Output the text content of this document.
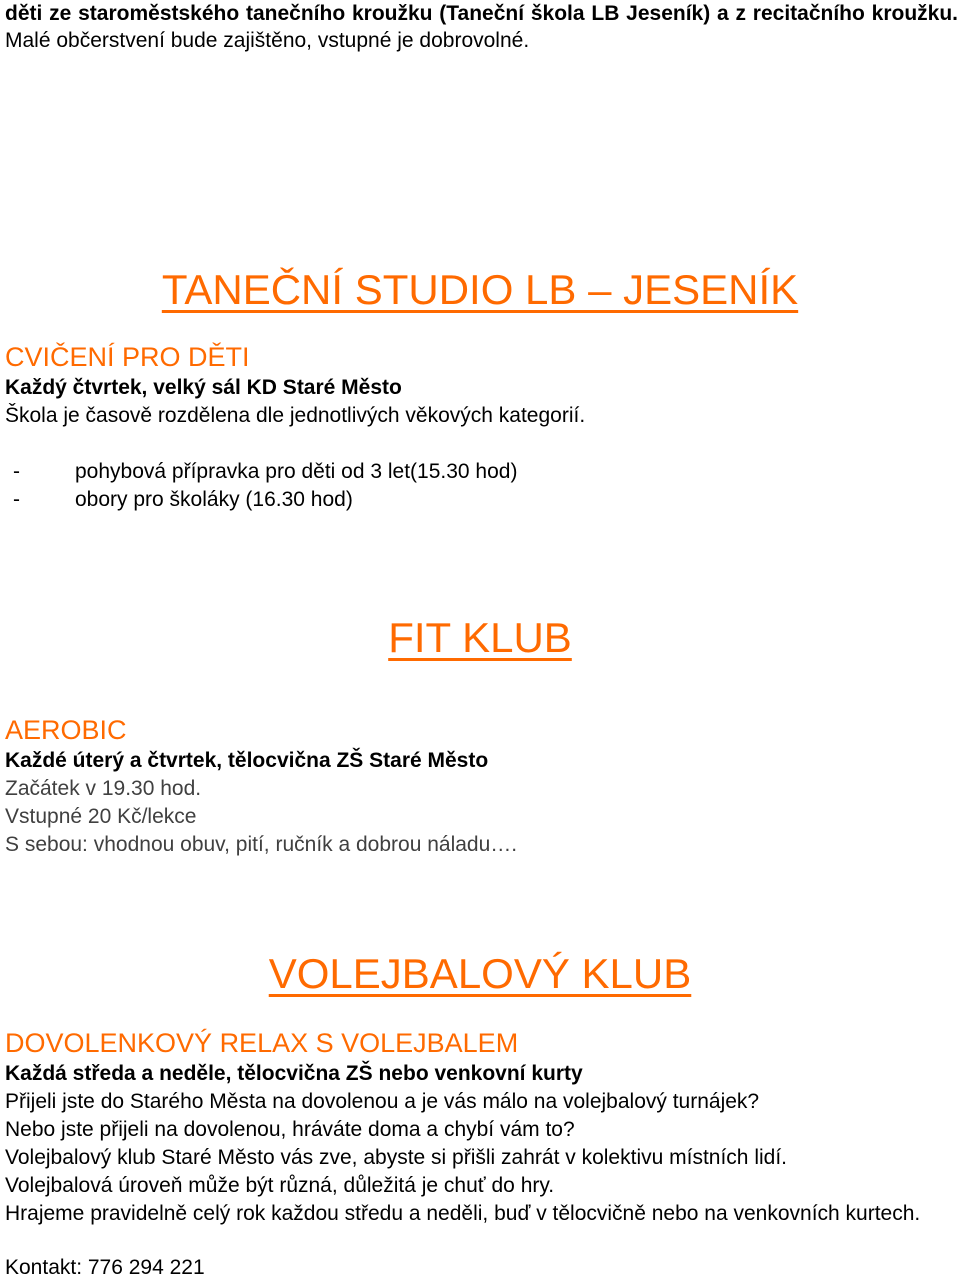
děti ze staroměstského tanečního kroužku (Taneční škola LB Jeseník) a z recitačního kroužku. Malé občerstvení bude zajištěno, vstupné je dobrovolné.
TANEČNÍ STUDIO LB – JESENÍK
CVIČENÍ PRO DĚTI
Každý čtvrtek, velký sál KD Staré Město
Škola je časově rozdělena dle jednotlivých věkových kategorií.
-	pohybová přípravka pro děti od 3 let(15.30 hod)
-	obory pro školáky (16.30 hod)
FIT KLUB
AEROBIC
Každé úterý a čtvrtek, tělocvična ZŠ Staré Město
Začátek v 19.30 hod.
Vstupné 20 Kč/lekce
S sebou: vhodnou obuv, pití, ručník a dobrou náladu….
VOLEJBALOVÝ KLUB
DOVOLENKOVÝ RELAX S VOLEJBALEM
Každá středa a neděle, tělocvična ZŠ nebo venkovní kurty
Přijeli jste do Starého Města na dovolenou a je vás málo na volejbalový turnájek?
Nebo jste přijeli na dovolenou, hráváte doma a chybí vám to?
Volejbalový klub Staré Město vás zve, abyste si přišli zahrát v kolektivu místních lidí.
Volejbalová úroveň může být různá, důležitá je chuť do hry.
Hrajeme pravidelně celý rok každou středu a neděli, buď v tělocvičně nebo na venkovních kurtech.
Kontakt: 776 294 221
